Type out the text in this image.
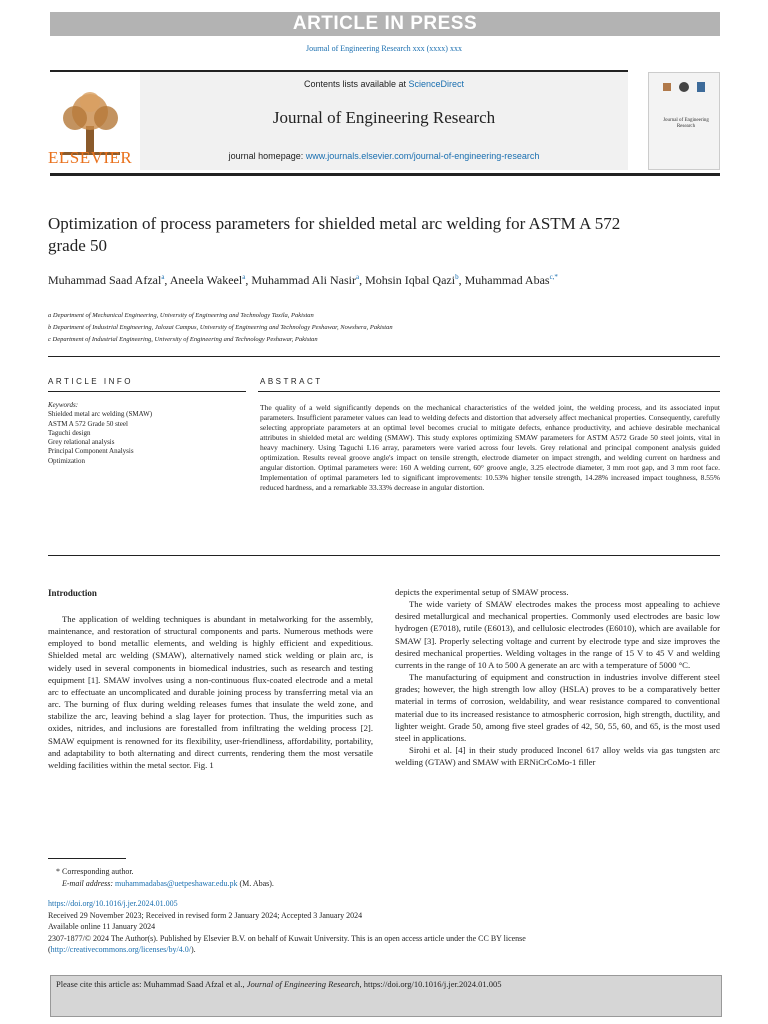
ARTICLE IN PRESS
Journal of Engineering Research xxx (xxxx) xxx
ELSEVIER
Contents lists available at ScienceDirect
Journal of Engineering Research
journal homepage: www.journals.elsevier.com/journal-of-engineering-research
Journal of Engineering Research
Optimization of process parameters for shielded metal arc welding for ASTM A 572 grade 50
Muhammad Saad Afzal$^a$, Aneela Wakeel$^a$, Muhammad Ali Nasir$^a$, Mohsin Iqbal Qazi$^b$, Muhammad Abas$^{c,*}$
a Department of Mechanical Engineering, University of Engineering and Technology Taxila, Pakistan
b Department of Industrial Engineering, Jalozai Campus, University of Engineering and Technology Peshawar, Nowshera, Pakistan
c Department of Industrial Engineering, University of Engineering and Technology Peshawar, Pakistan
ARTICLE INFO	ABSTRACT
Keywords:
Shielded metal arc welding (SMAW)
ASTM A 572 Grade 50 steel
Taguchi design
Grey relational analysis
Principal Component Analysis
Optimization
The quality of a weld significantly depends on the mechanical characteristics of the welded joint, the welding process, and its associated input parameters. Insufficient parameter values can lead to welding defects and distortion that adversely affect mechanical properties. Consequently, carefully selecting appropriate parameters at an optimal level becomes crucial to mitigate defects, enhance productivity, and achieve desirable mechanical attributes in shielded metal arc welding (SMAW). This study explores optimizing SMAW parameters for ASTM A572 Grade 50 steel joints, vital in heavy machinery. Using Taguchi L16 array, parameters were varied across four levels. Grey relational and principal component analysis guided optimization. Results reveal groove angle's impact on tensile strength, electrode diameter on impact strength, and welding current on hardness and angular distortion. Optimal parameters were: 160 A welding current, 60° groove angle, 3.25 electrode diameter, 3 mm root gap, and 3 mm root face. Implementation of optimal parameters led to significant improvements: 10.53% higher tensile strength, 14.28% increased impact toughness, 8.55% reduced hardness, and a remarkable 33.33% decrease in angular distortion.
Introduction

The application of welding techniques is abundant in metalworking for the assembly, maintenance, and restoration of structural components and parts. Numerous methods were employed to bond metallic elements, and welding is highly efficient and expeditious. Shielded metal arc welding (SMAW), alternatively named stick welding or plain arc, is widely used in several components in biomedical industries, such as research and testing equipment [1]. SMAW involves using a non-continuous flux-coated electrode and a metal arc to effectuate an uncomplicated and durable joining process by transferring metal via an arc. The burning of flux during welding releases fumes that insulate the weld zone, and stabilize the arc, leaving behind a slag layer for protection. Thus, the impurities such as oxides, nitrides, and inclusions are forestalled from infiltrating the welding process [2]. SMAW equipment is renowned for its flexibility, user-friendliness, affordability, portability, and adaptability to both alternating and direct currents, rendering them the most versatile welding facilities within the metal sector. Fig. 1

depicts the experimental setup of SMAW process.

The wide variety of SMAW electrodes makes the process most appealing to achieve desired metallurgical and mechanical properties. Commonly used electrodes are basic low hydrogen (E7018), rutile (E6013), and cellulosic electrodes (E6010), which are available for SMAW [3]. Properly selecting voltage and current by electrode type and size improves the desired mechanical properties. Welding voltages in the range of 15 V to 45 V and welding currents in the range of 10 A to 500 A generate an arc with a temperature of 5000 °C.

The manufacturing of equipment and construction in industries involve different steel grades; however, the high strength low alloy (HSLA) proves to be a comparatively better material in terms of corrosion, weldability, and wear resistance compared to conventional material due to its increased resistance to atmospheric corrosion, high strength, ductility, and lighter weight. Grade 50, among five steel grades of 42, 50, 55, 60, and 65, is the most used steel in applications.

Sirohi et al. [4] in their study produced Inconel 617 alloy welds via gas tungsten arc welding (GTAW) and SMAW with ERNiCrCoMo-1 filler

* Corresponding author.
E-mail address: muhammadabas@uetpeshawar.edu.pk (M. Abas).
https://doi.org/10.1016/j.jer.2024.01.005
Received 29 November 2023; Received in revised form 2 January 2024; Accepted 3 January 2024
Available online 11 January 2024
2307-1877/© 2024 The Author(s). Published by Elsevier B.V. on behalf of Kuwait University. This is an open access article under the CC BY license
(http://creativecommons.org/licenses/by/4.0/).
Please cite this article as: Muhammad Saad Afzal et al., Journal of Engineering Research, https://doi.org/10.1016/j.jer.2024.01.005
